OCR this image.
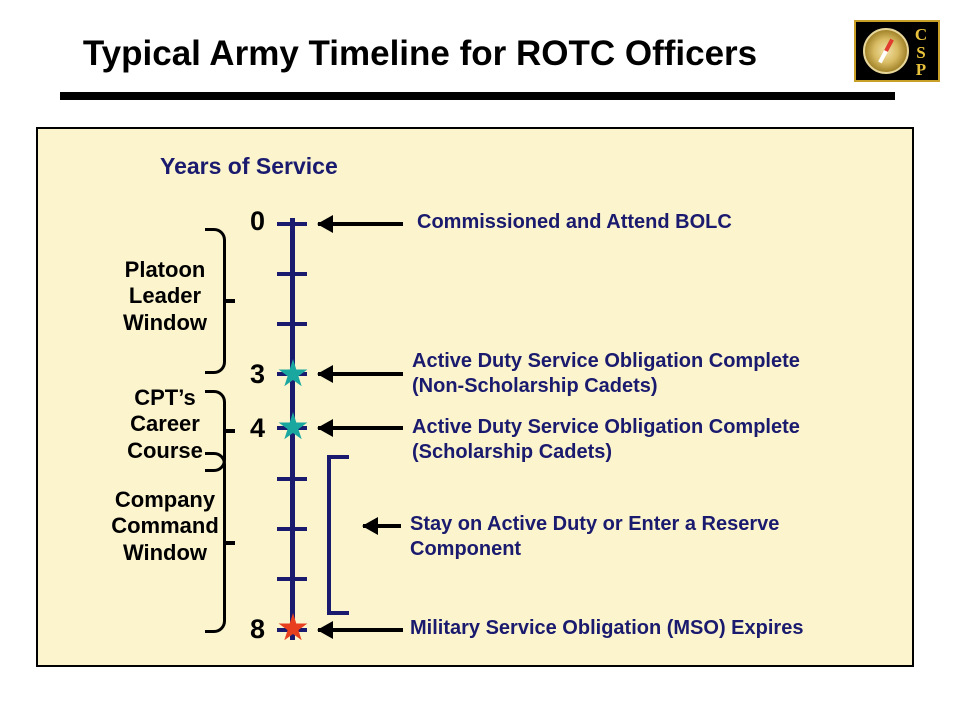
Typical Army Timeline for ROTC Officers	C
S
P
Years of Service
0
3
4
8
Commissioned and Attend BOLC
Active Duty Service Obligation Complete
(Non-Scholarship Cadets)
Active Duty Service Obligation Complete
(Scholarship Cadets)
Stay on Active Duty or Enter a Reserve
Component
Military Service Obligation (MSO) Expires
Platoon
Leader
Window
CPT’s
Career
Course
Company
Command
Window
